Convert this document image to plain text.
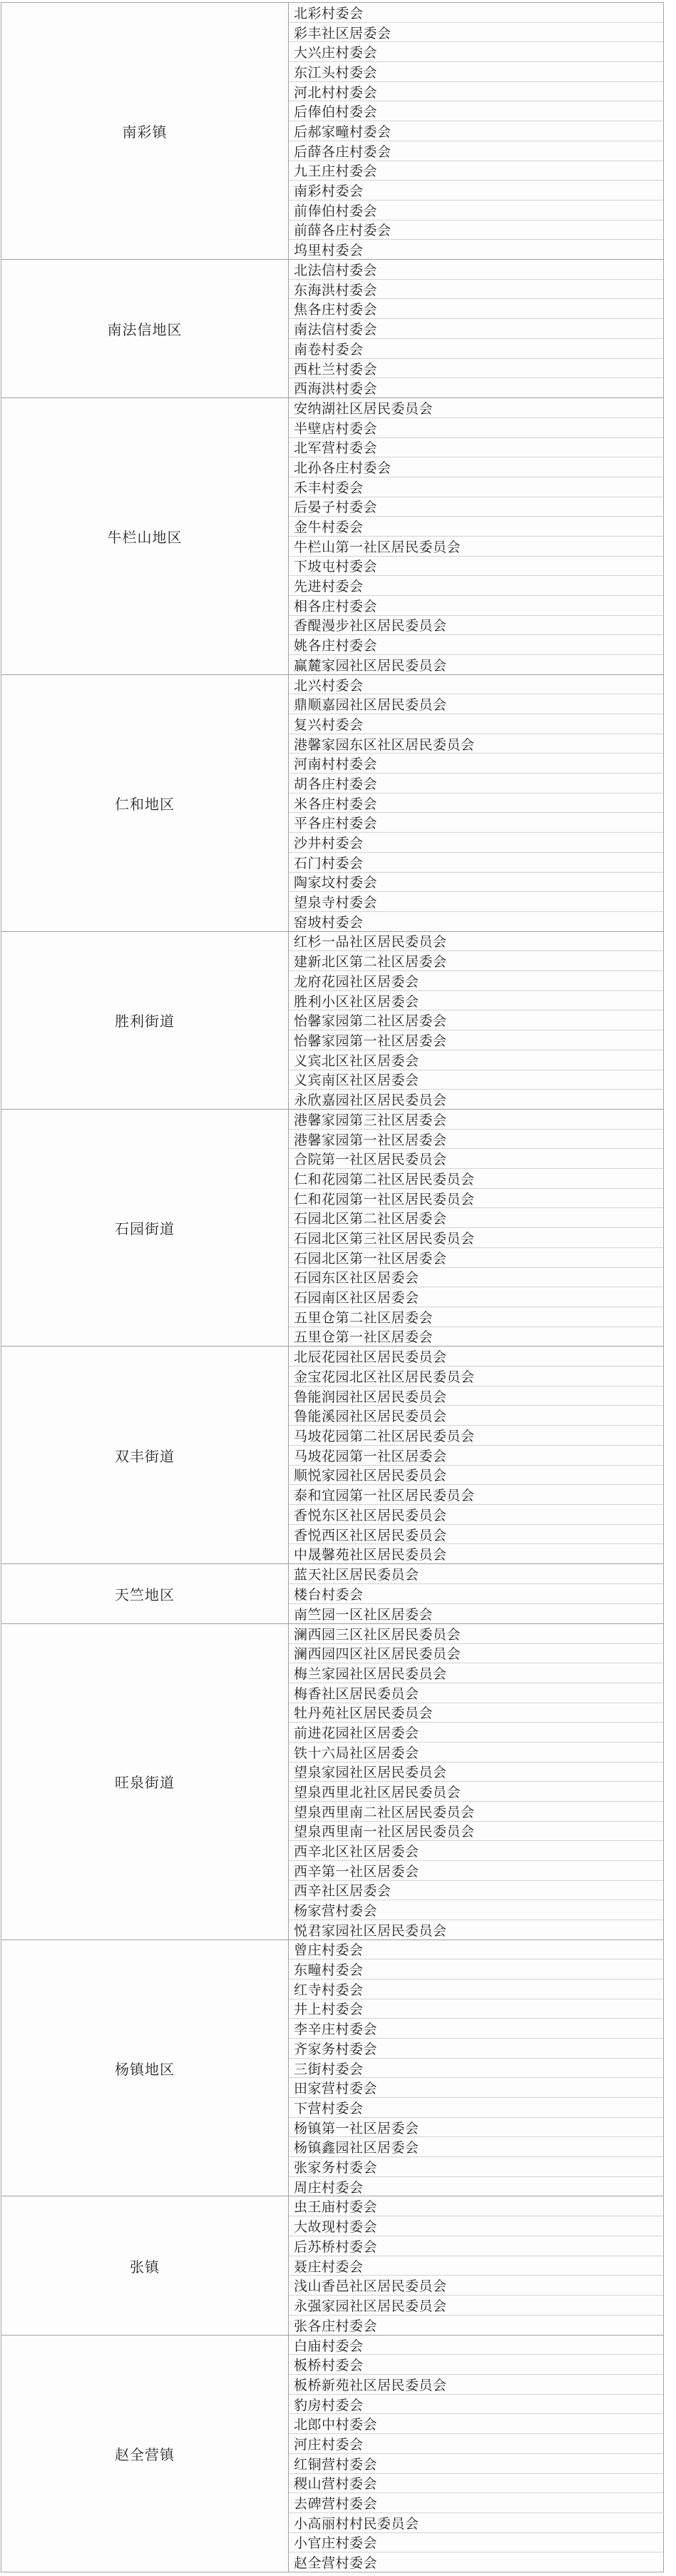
南彩镇
北彩村委会
彩丰社区居委会
大兴庄村委会
东江头村委会
河北村村委会
后俸伯村委会
后郝家疃村委会
后薛各庄村委会
九王庄村委会
南彩村委会
前俸伯村委会
前薛各庄村委会
坞里村委会
南法信地区
北法信村委会
东海洪村委会
焦各庄村委会
南法信村委会
南卷村委会
西杜兰村委会
西海洪村委会
牛栏山地区
安纳湖社区居民委员会
半壁店村委会
北军营村委会
北孙各庄村委会
禾丰村委会
后晏子村委会
金牛村委会
牛栏山第一社区居民委员会
下坡屯村委会
先进村委会
相各庄村委会
香醍漫步社区居民委员会
姚各庄村委会
赢麓家园社区居民委员会
仁和地区
北兴村委会
鼎顺嘉园社区居民委员会
复兴村委会
港馨家园东区社区居民委员会
河南村村委会
胡各庄村委会
米各庄村委会
平各庄村委会
沙井村委会
石门村委会
陶家坟村委会
望泉寺村委会
窑坡村委会
胜利街道
红杉一品社区居民委员会
建新北区第二社区居委会
龙府花园社区居委会
胜利小区社区居委会
怡馨家园第二社区居委会
怡馨家园第一社区居委会
义宾北区社区居委会
义宾南区社区居委会
永欣嘉园社区居民委员会
石园街道
港馨家园第三社区居委会
港馨家园第一社区居委会
合院第一社区居民委员会
仁和花园第二社区居民委员会
仁和花园第一社区居民委员会
石园北区第二社区居委会
石园北区第三社区居民委员会
石园北区第一社区居委会
石园东区社区居委会
石园南区社区居委会
五里仓第二社区居委会
五里仓第一社区居委会
双丰街道
北辰花园社区居民委员会
金宝花园北区社区居民委员会
鲁能润园社区居民委员会
鲁能溪园社区居民委员会
马坡花园第二社区居民委员会
马坡花园第一社区居委会
顺悦家园社区居民委员会
泰和宜园第一社区居民委员会
香悦东区社区居民委员会
香悦西区社区居民委员会
中晟馨苑社区居民委员会
天竺地区
蓝天社区居民委员会
楼台村委会
南竺园一区社区居委会
旺泉街道
澜西园三区社区居民委员会
澜西园四区社区居民委员会
梅兰家园社区居民委员会
梅香社区居民委员会
牡丹苑社区居民委员会
前进花园社区居委会
铁十六局社区居委会
望泉家园社区居民委员会
望泉西里北社区居民委员会
望泉西里南二社区居民委员会
望泉西里南一社区居民委员会
西辛北区社区居委会
西辛第一社区居委会
西辛社区居委会
杨家营村委会
悦君家园社区居民委员会
杨镇地区
曾庄村委会
东疃村委会
红寺村委会
井上村委会
李辛庄村委会
齐家务村委会
三街村委会
田家营村委会
下营村委会
杨镇第一社区居委会
杨镇鑫园社区居委会
张家务村委会
周庄村委会
张镇
虫王庙村委会
大故现村委会
后苏桥村委会
聂庄村委会
浅山香邑社区居民委员会
永强家园社区居民委员会
张各庄村委会
赵全营镇
白庙村委会
板桥村委会
板桥新苑社区居民委员会
豹房村委会
北郎中村委会
河庄村委会
红铜营村委会
稷山营村委会
去碑营村委会
小高丽村村民委员会
小官庄村委会
赵全营村委会
